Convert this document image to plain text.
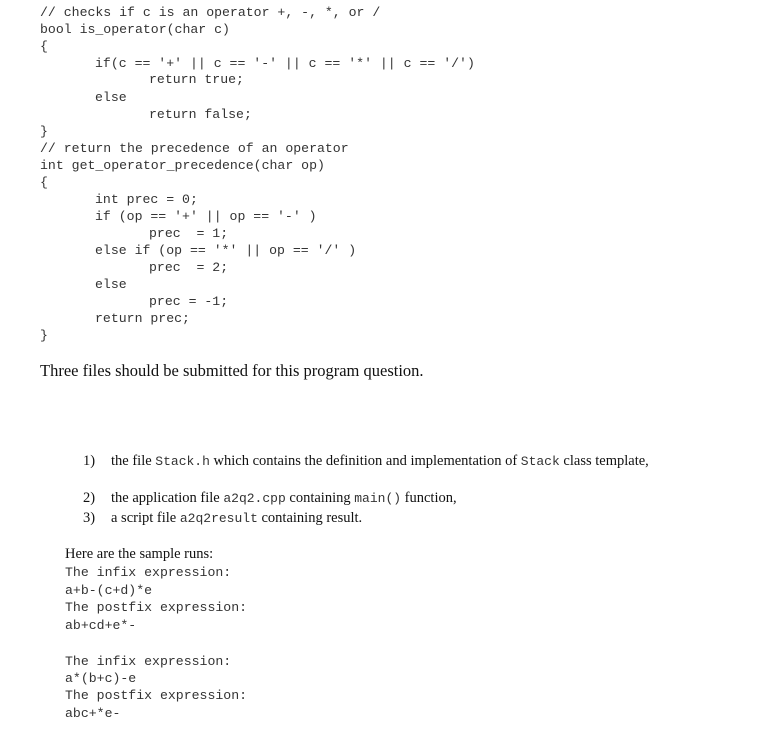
// checks if c is an operator +, -, *, or /
bool is_operator(char c)
{
if(c == '+' || c == '-' || c == '*' || c == '/')
return true;
else
return false;
}
// return the precedence of an operator
int get_operator_precedence(char op)
{
int prec = 0;
if (op == '+' || op == '-' )
prec  = 1;
else if (op == '*' || op == '/' )
prec  = 2;
else
prec = -1;
return prec;
}
Three files should be submitted for this program question.
1) the file Stack.h which contains the definition and implementation of Stack class template,
2) the application file a2q2.cpp containing main() function,
3) a script file a2q2result containing result.
Here are the sample runs:
The infix expression:
a+b-(c+d)*e
The postfix expression:
ab+cd+e*-
The infix expression:
a*(b+c)-e
The postfix expression:
abc+*e-
